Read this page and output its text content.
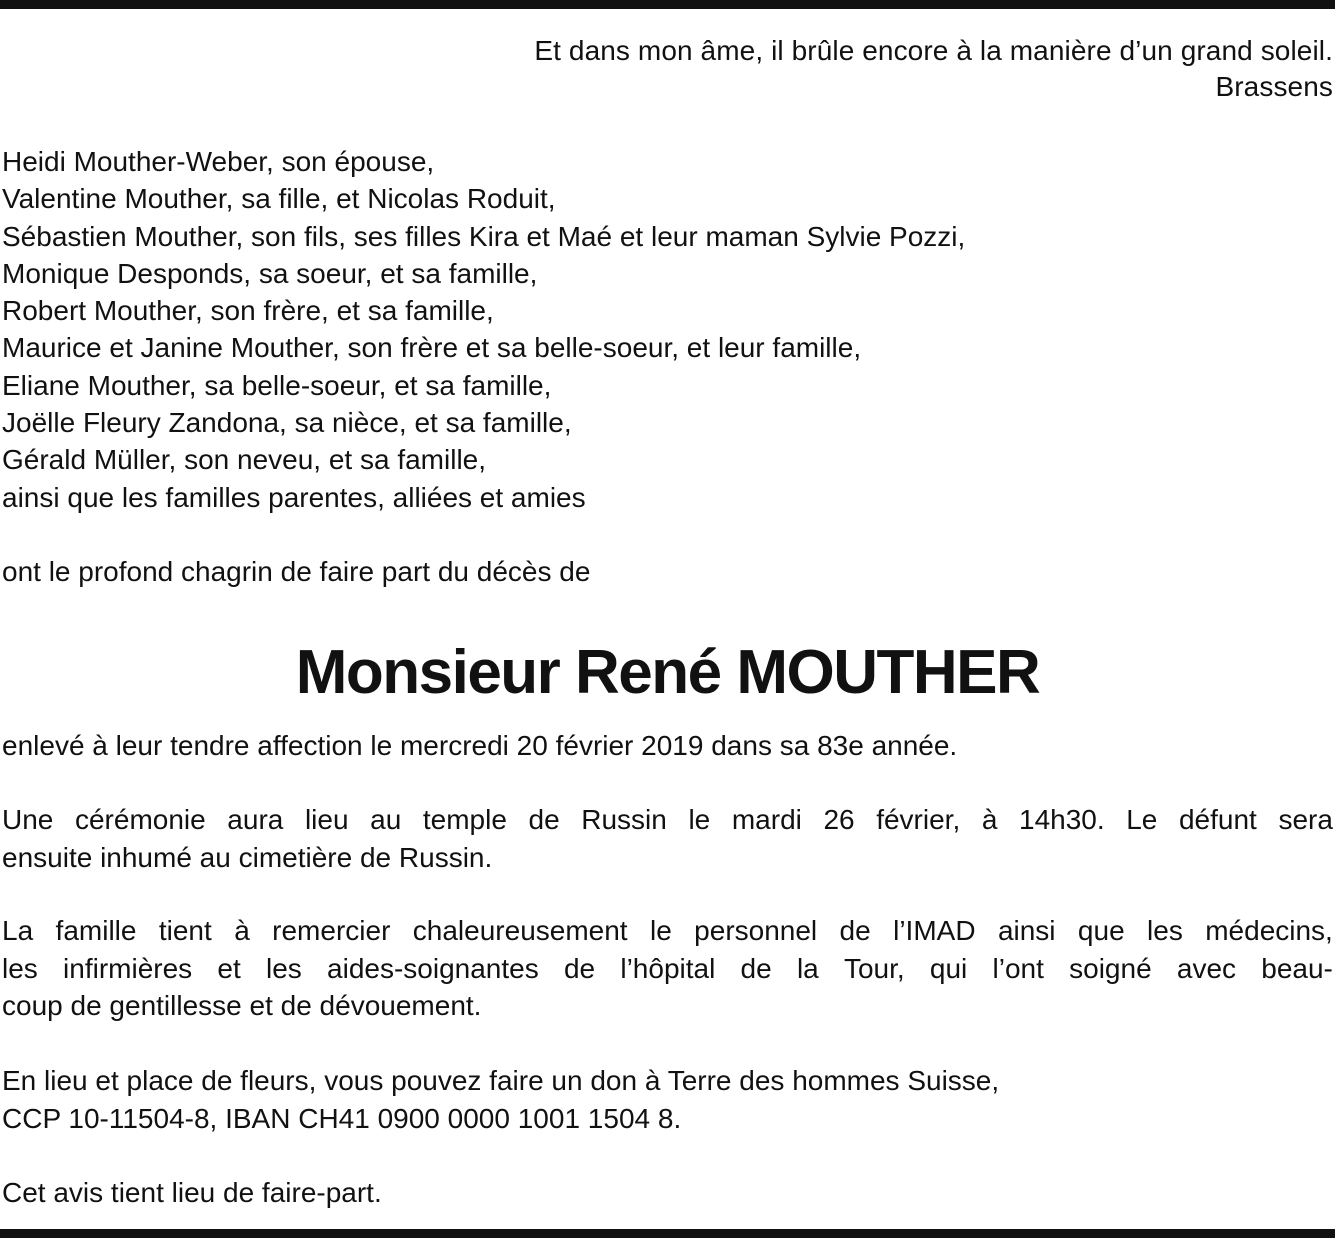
Et dans mon âme, il brûle encore à la manière d’un grand soleil.
Brassens
Heidi Mouther-Weber, son épouse,
Valentine Mouther, sa fille, et Nicolas Roduit,
Sébastien Mouther, son fils, ses filles Kira et Maé et leur maman Sylvie Pozzi,
Monique Desponds, sa soeur, et sa famille,
Robert Mouther, son frère, et sa famille,
Maurice et Janine Mouther, son frère et sa belle-soeur, et leur famille,
Eliane Mouther, sa belle-soeur, et sa famille,
Joëlle Fleury Zandona, sa nièce, et sa famille,
Gérald Müller, son neveu, et sa famille,
ainsi que les familles parentes, alliées et amies
ont le profond chagrin de faire part du décès de
Monsieur René MOUTHER
enlevé à leur tendre affection le mercredi 20 février 2019 dans sa 83e année.
Une cérémonie aura lieu au temple de Russin le mardi 26 février, à 14h30. Le défunt sera
ensuite inhumé au cimetière de Russin.
La famille tient à remercier chaleureusement le personnel de l’IMAD ainsi que les médecins,
les infirmières et les aides-soignantes de l’hôpital de la Tour, qui l’ont soigné avec beau-
coup de gentillesse et de dévouement.
En lieu et place de fleurs, vous pouvez faire un don à Terre des hommes Suisse,
CCP 10-11504-8, IBAN CH41 0900 0000 1001 1504 8.
Cet avis tient lieu de faire-part.
